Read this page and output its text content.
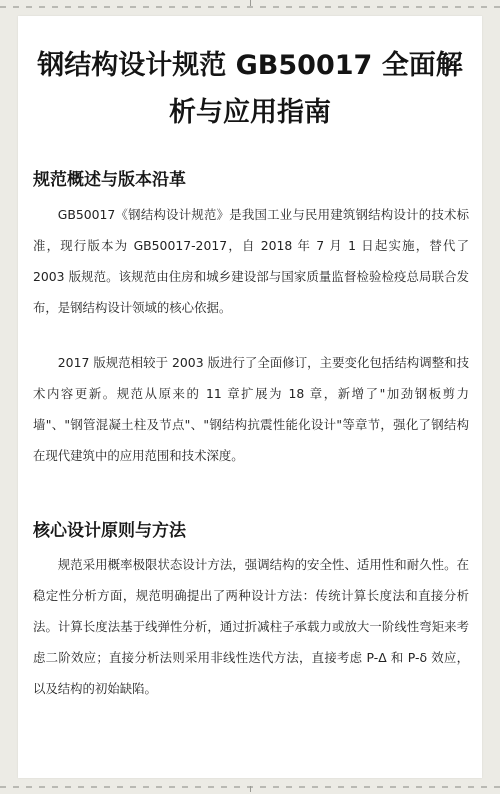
钢结构设计规范 GB50017 全面解析与应用指南
规范概述与版本沿革

GB50017《钢结构设计规范》是我国工业与民用建筑钢结构设计的技术标准，现行版本为 GB50017-2017，自 2018 年 7 月 1 日起实施，替代了 2003 版规范。该规范由住房和城乡建设部与国家质量监督检验检疫总局联合发布，是钢结构设计领域的核心依据。

2017 版规范相较于 2003 版进行了全面修订，主要变化包括结构调整和技术内容更新。规范从原来的 11 章扩展为 18 章，新增了"加劲钢板剪力墙"、"钢管混凝土柱及节点"、"钢结构抗震性能化设计"等章节，强化了钢结构在现代建筑中的应用范围和技术深度。

核心设计原则与方法

规范采用概率极限状态设计方法，强调结构的安全性、适用性和耐久性。在稳定性分析方面，规范明确提出了两种设计方法：传统计算长度法和直接分析法。计算长度法基于线弹性分析，通过折减柱子承载力或放大一阶线性弯矩来考虑二阶效应；直接分析法则采用非线性迭代方法，直接考虑 P-Δ 和 P-δ 效应，以及结构的初始缺陷。
